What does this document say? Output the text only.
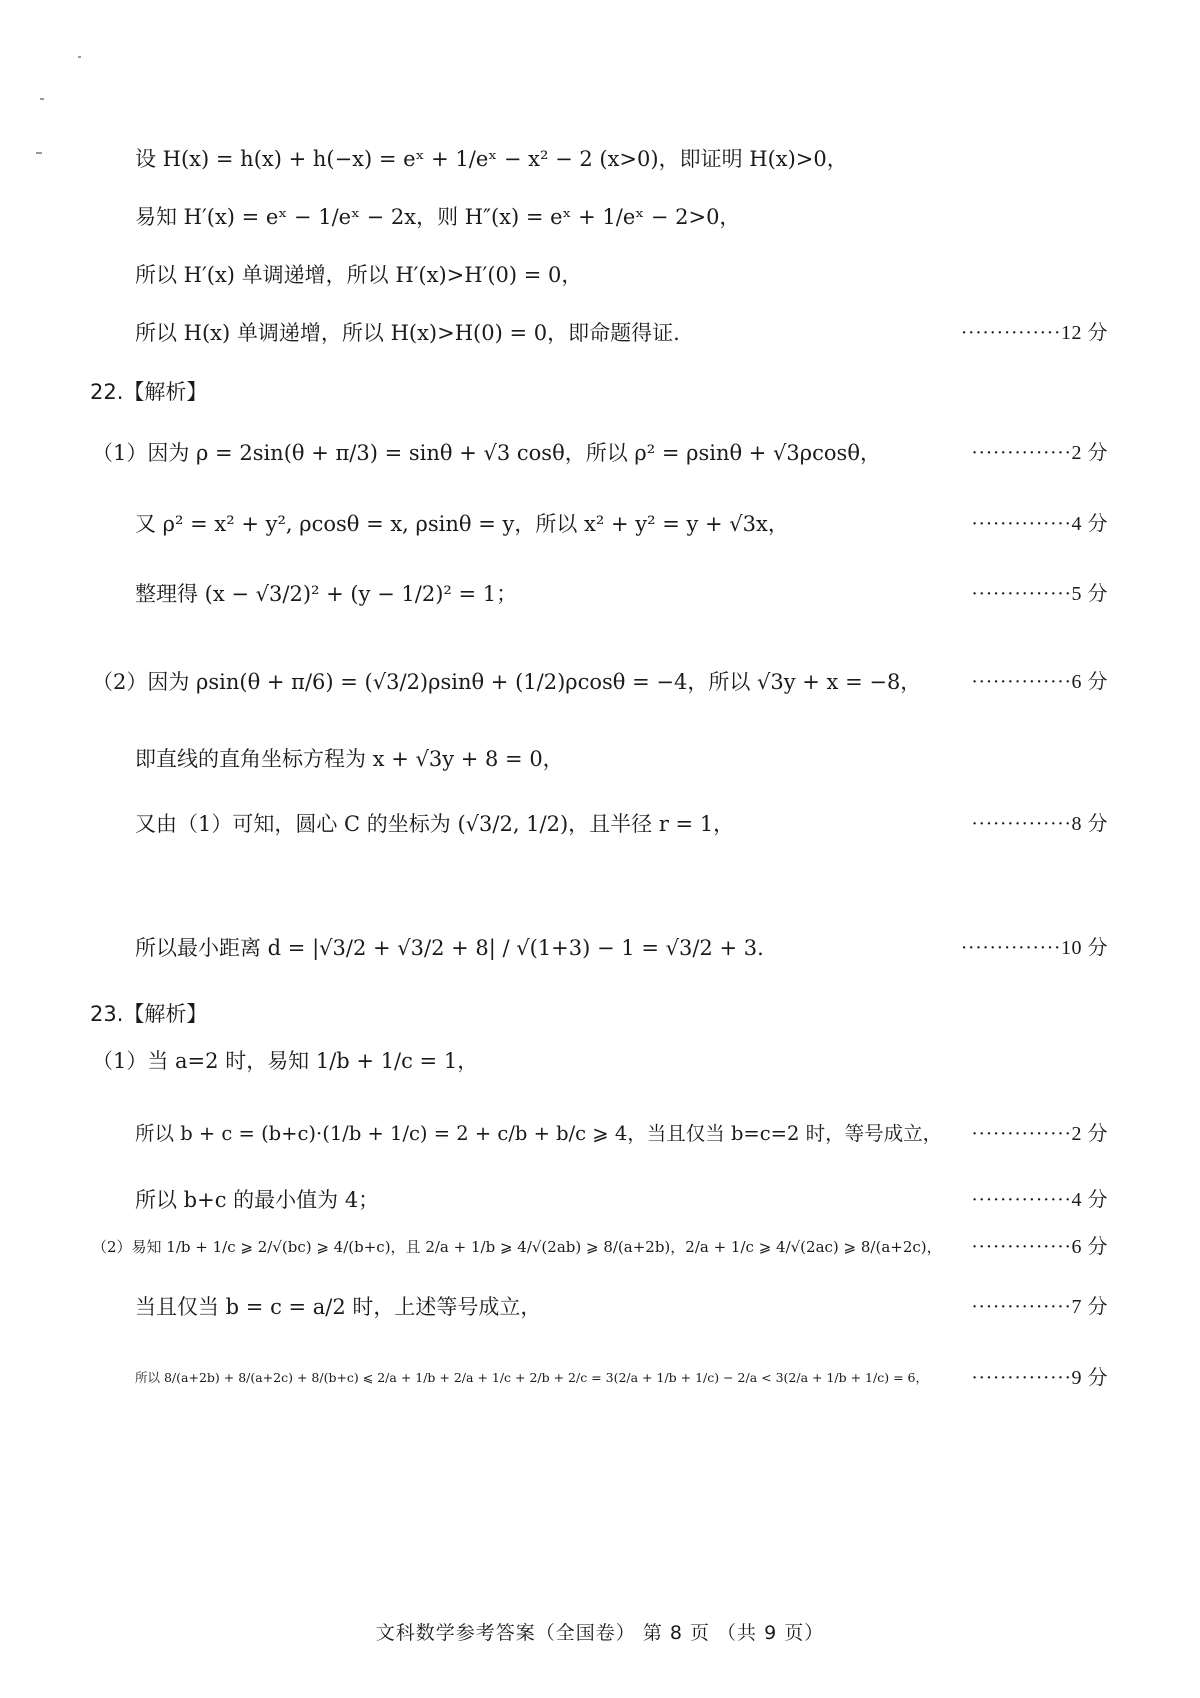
设 H(x) = h(x) + h(−x) = eˣ + 1/eˣ − x² − 2 (x>0)，即证明 H(x)>0，
易知 H′(x) = eˣ − 1/eˣ − 2x，则 H″(x) = eˣ + 1/eˣ − 2>0，
所以 H′(x) 单调递增，所以 H′(x)>H′(0) = 0，
所以 H(x) 单调递增，所以 H(x)>H(0) = 0，即命题得证.	··············12 分
22.【解析】
（1）因为 ρ = 2sin(θ + π/3) = sinθ + √3 cosθ，所以 ρ² = ρsinθ + √3ρcosθ，	··············2 分
又 ρ² = x² + y², ρcosθ = x, ρsinθ = y，所以 x² + y² = y + √3x，	··············4 分
整理得 (x − √3/2)² + (y − 1/2)² = 1；	··············5 分
（2）因为 ρsin(θ + π/6) = (√3/2)ρsinθ + (1/2)ρcosθ = −4，所以 √3y + x = −8， ··············6 分
即直线的直角坐标方程为 x + √3y + 8 = 0，
又由（1）可知，圆心 C 的坐标为 (√3/2, 1/2)，且半径 r = 1，	··············8 分
所以最小距离 d = |√3/2 + √3/2 + 8| / √(1+3) − 1 = √3/2 + 3.	··············10 分
23.【解析】
（1）当 a=2 时，易知 1/b + 1/c = 1，
所以 b + c = (b+c)·(1/b + 1/c) = 2 + c/b + b/c ⩾ 4，当且仅当 b=c=2 时，等号成立， ··············2 分
所以 b+c 的最小值为 4；	··············4 分
（2）易知 1/b + 1/c ⩾ 2/√(bc) ⩾ 4/(b+c)，且 2/a + 1/b ⩾ 4/√(2ab) ⩾ 8/(a+2b)，2/a + 1/c ⩾ 4/√(2ac) ⩾ 8/(a+2c)， ··············6 分
当且仅当 b = c = a/2 时，上述等号成立，	··············7 分
所以 8/(a+2b) + 8/(a+2c) + 8/(b+c) ⩽ 2/a + 1/b + 2/a + 1/c + 2/b + 2/c = 3(2/a + 1/b + 1/c) − 2/a < 3(2/a + 1/b + 1/c) = 6， ··············9 分
文科数学参考答案（全国卷） 第 8 页 （共 9 页）
